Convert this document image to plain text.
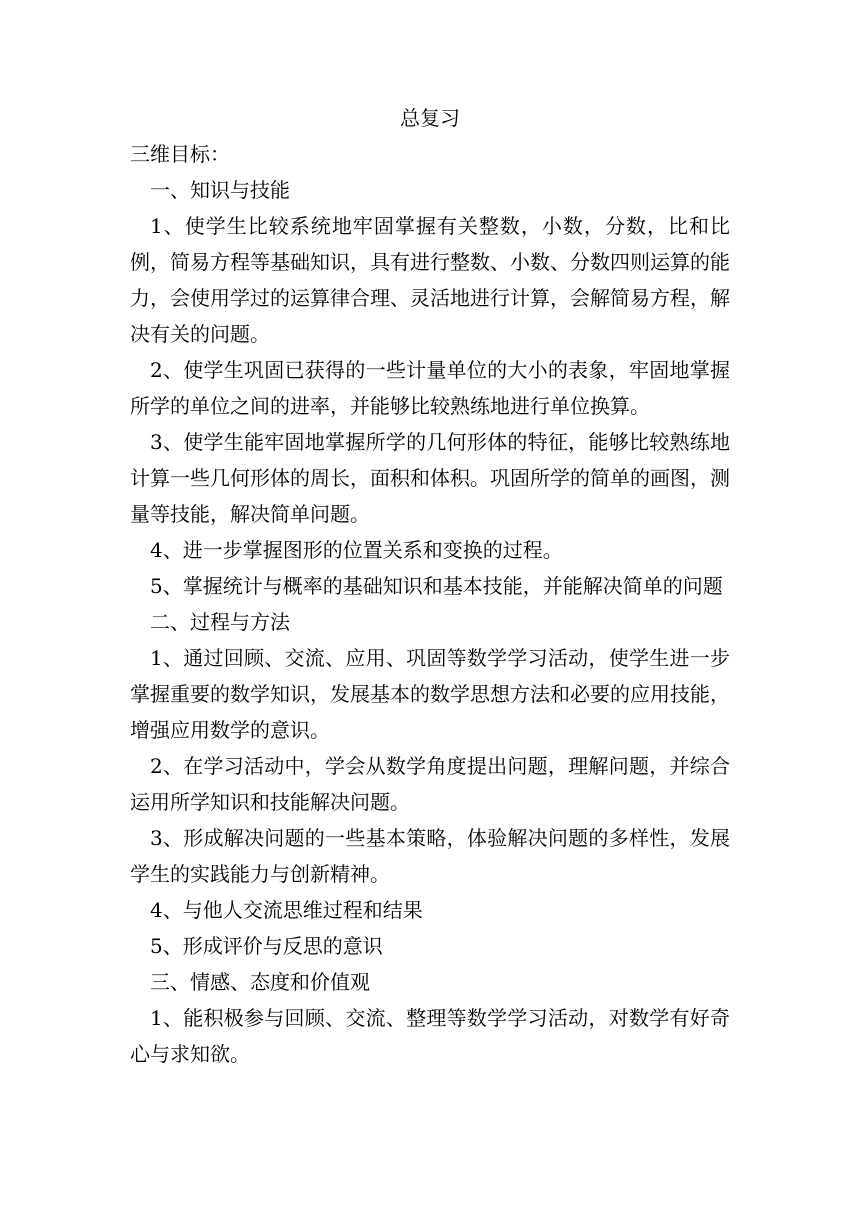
总复习

三维目标：

一、知识与技能

1、使学生比较系统地牢固掌握有关整数，小数，分数，比和比例，简易方程等基础知识，具有进行整数、小数、分数四则运算的能力，会使用学过的运算律合理、灵活地进行计算，会解简易方程，解决有关的问题。

2、使学生巩固已获得的一些计量单位的大小的表象，牢固地掌握所学的单位之间的进率，并能够比较熟练地进行单位换算。

3、使学生能牢固地掌握所学的几何形体的特征，能够比较熟练地计算一些几何形体的周长，面积和体积。巩固所学的简单的画图，测量等技能，解决简单问题。

4、进一步掌握图形的位置关系和变换的过程。

5、掌握统计与概率的基础知识和基本技能，并能解决简单的问题

二、过程与方法

1、通过回顾、交流、应用、巩固等数学学习活动，使学生进一步掌握重要的数学知识，发展基本的数学思想方法和必要的应用技能，增强应用数学的意识。

2、在学习活动中，学会从数学角度提出问题，理解问题，并综合运用所学知识和技能解决问题。

3、形成解决问题的一些基本策略，体验解决问题的多样性，发展学生的实践能力与创新精神。

4、与他人交流思维过程和结果

5、形成评价与反思的意识

三、情感、态度和价值观

1、能积极参与回顾、交流、整理等数学学习活动，对数学有好奇心与求知欲。
